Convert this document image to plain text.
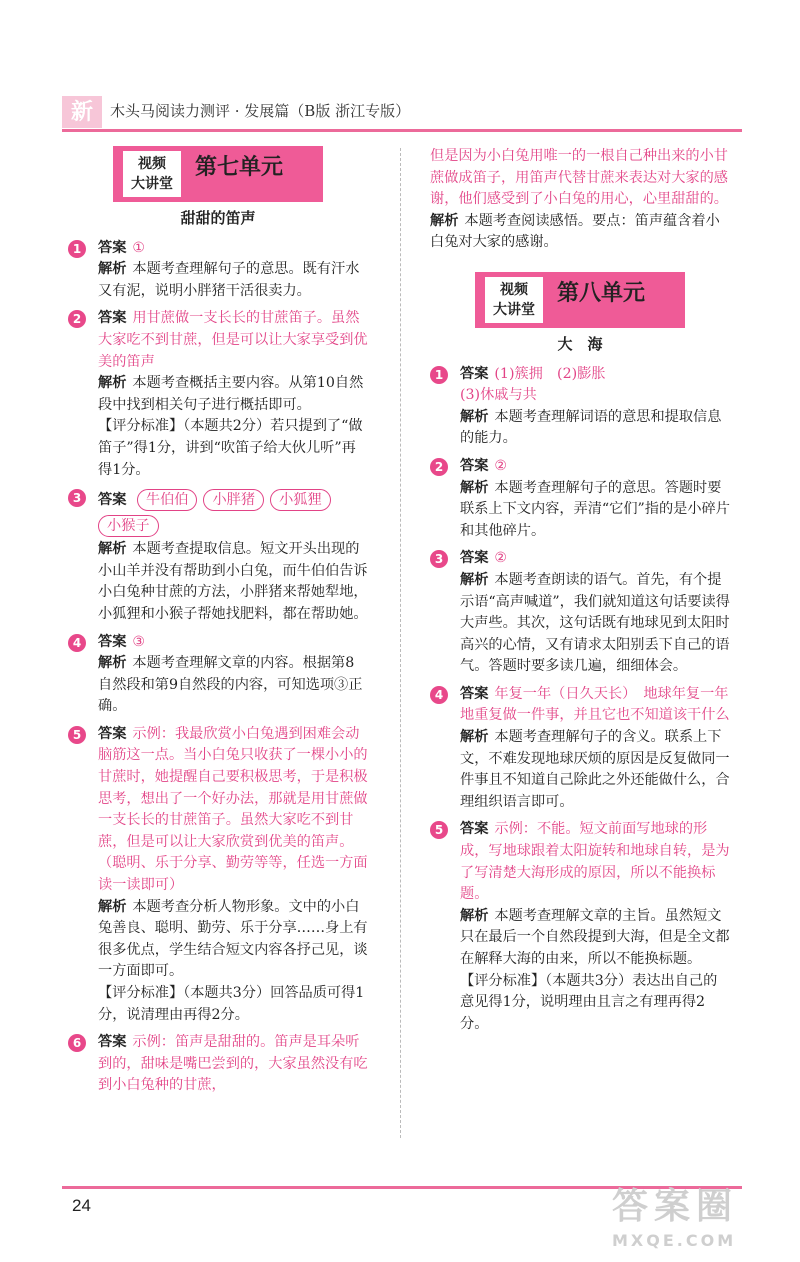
新	木头马阅读力测评 · 发展篇（B版 浙江专版）
视频
大讲堂
第七单元
甜甜的笛声
1	答案 ①
解析 本题考查理解句子的意思。既有汗水又有泥，说明小胖猪干活很卖力。
2	答案 用甘蔗做一支长长的甘蔗笛子。虽然大家吃不到甘蔗，但是可以让大家享受到优美的笛声
解析 本题考查概括主要内容。从第10自然段中找到相关句子进行概括即可。
【评分标准】（本题共2分）若只提到了“做笛子”得1分，讲到“吹笛子给大伙儿听”再得1分。
3	答案 牛伯伯 小胖猪 小狐狸小猴子
解析 本题考查提取信息。短文开头出现的小山羊并没有帮助到小白兔，而牛伯伯告诉小白兔种甘蔗的方法，小胖猪来帮她犁地，小狐狸和小猴子帮她找肥料，都在帮助她。
4	答案 ③
解析 本题考查理解文章的内容。根据第8自然段和第9自然段的内容，可知选项③正确。
5	答案 示例：我最欣赏小白兔遇到困难会动脑筋这一点。当小白兔只收获了一棵小小的甘蔗时，她提醒自己要积极思考，于是积极思考，想出了一个好办法，那就是用甘蔗做一支长长的甘蔗笛子。虽然大家吃不到甘蔗，但是可以让大家欣赏到优美的笛声。（聪明、乐于分享、勤劳等等，任选一方面读一读即可）
解析 本题考查分析人物形象。文中的小白兔善良、聪明、勤劳、乐于分享……身上有很多优点，学生结合短文内容各抒己见，谈一方面即可。
【评分标准】（本题共3分）回答品质可得1分，说清理由再得2分。
6	答案 示例：笛声是甜甜的。笛声是耳朵听到的，甜味是嘴巴尝到的，大家虽然没有吃到小白兔种的甘蔗，
但是因为小白兔用唯一的一根自己种出来的小甘蔗做成笛子，用笛声代替甘蔗来表达对大家的感谢，他们感受到了小白兔的用心，心里甜甜的。
解析 本题考查阅读感悟。要点：笛声蕴含着小白兔对大家的感谢。
视频
大讲堂
第八单元
大　海
1	答案 (1)簇拥　(2)膨胀
(3)休戚与共
解析 本题考查理解词语的意思和提取信息的能力。
2	答案 ②
解析 本题考查理解句子的意思。答题时要联系上下文内容，弄清“它们”指的是小碎片和其他碎片。
3	答案 ②
解析 本题考查朗读的语气。首先，有个提示语“高声喊道”，我们就知道这句话要读得大声些。其次，这句话既有地球见到太阳时高兴的心情，又有请求太阳别丢下自己的语气。答题时要多读几遍，细细体会。
4	答案 年复一年（日久天长）　地球年复一年地重复做一件事，并且它也不知道该干什么
解析 本题考查理解句子的含义。联系上下文，不难发现地球厌烦的原因是反复做同一件事且不知道自己除此之外还能做什么，合理组织语言即可。
5	答案 示例：不能。短文前面写地球的形成，写地球跟着太阳旋转和地球自转，是为了写清楚大海形成的原因，所以不能换标题。
解析 本题考查理解文章的主旨。虽然短文只在最后一个自然段提到大海，但是全文都在解释大海的由来，所以不能换标题。
【评分标准】（本题共3分）表达出自己的意见得1分，说明理由且言之有理再得2分。
24	答案圈
MXQE.COM
